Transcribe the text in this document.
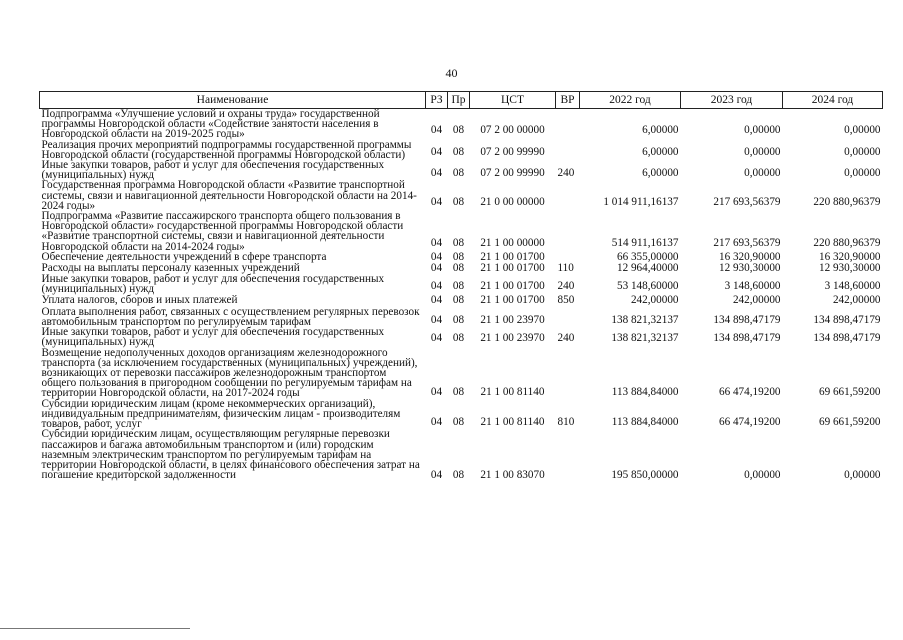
40
Наименование	РЗ	Пр	ЦСТ	ВР	2022 год	2023 год	2024 год
Подпрограмма «Улучшение условий и охраны труда» государственной программы Новгородской области «Содействие занятости населения в Новгородской области на 2019-2025 годы»	04	08	07 2 00 00000		6,00000	0,00000	0,00000
Реализация прочих мероприятий подпрограммы государственной программы Новгородской области (государственной программы Новгородской области)	04	08	07 2 00 99990		6,00000	0,00000	0,00000
Иные закупки товаров, работ и услуг для обеспечения государственных (муниципальных) нужд	04	08	07 2 00 99990	240	6,00000	0,00000	0,00000
Государственная программа Новгородской области «Развитие транспортной системы, связи и навигационной деятельности Новгородской области на 2014-2024 годы»	04	08	21 0 00 00000		1 014 911,16137	217 693,56379	220 880,96379
Подпрограмма «Развитие пассажирского транспорта общего пользования в Новгородской области» государственной программы Новгородской области «Развитие транспортной системы, связи и навигационной деятельности Новгородской области на 2014-2024 годы»	04	08	21 1 00 00000		514 911,16137	217 693,56379	220 880,96379
Обеспечение деятельности учреждений в сфере транспорта	04	08	21 1 00 01700		66 355,00000	16 320,90000	16 320,90000
Расходы на выплаты персоналу казенных учреждений	04	08	21 1 00 01700	110	12 964,40000	12 930,30000	12 930,30000
Иные закупки товаров, работ и услуг для обеспечения государственных (муниципальных) нужд	04	08	21 1 00 01700	240	53 148,60000	3 148,60000	3 148,60000
Уплата налогов, сборов и иных платежей	04	08	21 1 00 01700	850	242,00000	242,00000	242,00000
Оплата выполнения работ, связанных с осуществлением регулярных перевозок автомобильным транспортом по регулируемым тарифам	04	08	21 1 00 23970		138 821,32137	134 898,47179	134 898,47179
Иные закупки товаров, работ и услуг для обеспечения государственных (муниципальных) нужд	04	08	21 1 00 23970	240	138 821,32137	134 898,47179	134 898,47179
Возмещение недополученных доходов организациям железнодорожного транспорта (за исключением государственных (муниципальных) учреждений), возникающих от перевозки пассажиров железнодорожным транспортом общего пользования в пригородном сообщении по регулируемым тарифам на территории Новгородской области, на 2017-2024 годы	04	08	21 1 00 81140		113 884,84000	66 474,19200	69 661,59200
Субсидии юридическим лицам (кроме некоммерческих организаций), индивидуальным предпринимателям, физическим лицам - производителям товаров, работ, услуг	04	08	21 1 00 81140	810	113 884,84000	66 474,19200	69 661,59200
Субсидии юридическим лицам, осуществляющим регулярные перевозки пассажиров и багажа автомобильным транспортом и (или) городским наземным электрическим транспортом по регулируемым тарифам на территории Новгородской области, в целях финансового обеспечения затрат на погашение кредиторской задолженности	04	08	21 1 00 83070		195 850,00000	0,00000	0,00000
